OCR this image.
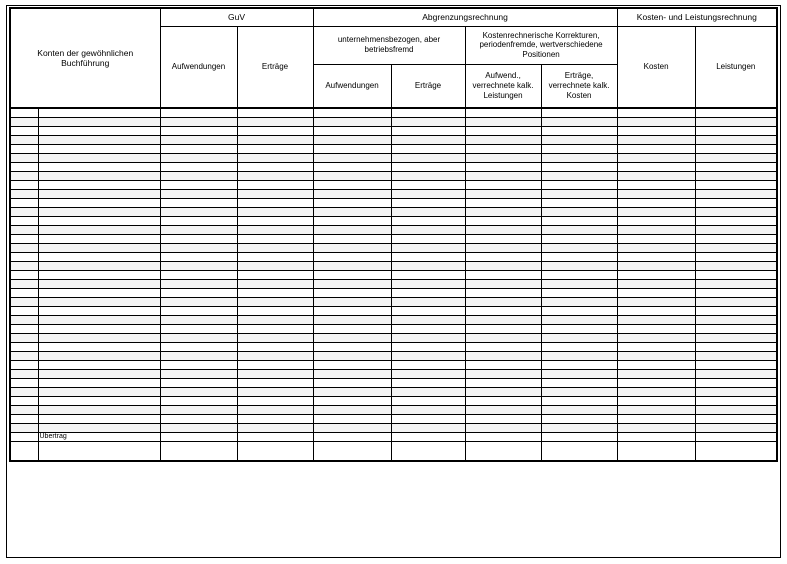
Konten der gewöhnlichen Buchführung		GuV		Abgrenzungsrechnung				Kosten- und Leistungsrechnung	
		Aufwendungen	Erträge	unternehmensbezogen, aber betriebsfremd		Kostenrechnerische Korrekturen, periodenfremde, wertverschiedene Positionen		Kosten	Leistungen
				Aufwendungen	Erträge	Aufwend., verrechnete kalk. Leistungen	Erträge, verrechnete kalk. Kosten		

	Übertrag								
